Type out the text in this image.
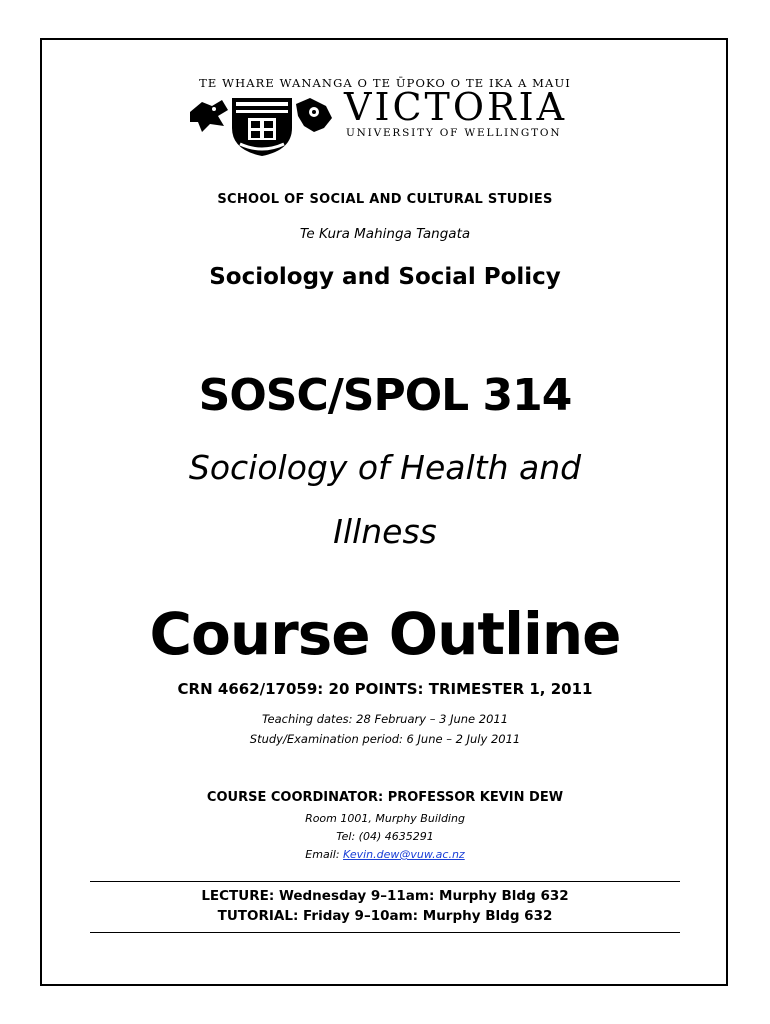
TE WHARE WANANGA O TE ŪPOKO O TE IKA A MAUI
VICTORIA
UNIVERSITY OF WELLINGTON
SCHOOL OF SOCIAL AND CULTURAL STUDIES
Te Kura Mahinga Tangata
Sociology and Social Policy
SOSC/SPOL 314
Sociology of Health and
Illness
Course Outline
CRN 4662/17059: 20 POINTS: TRIMESTER 1, 2011
Teaching dates: 28 February – 3 June 2011
Study/Examination period: 6 June – 2 July 2011
COURSE COORDINATOR: PROFESSOR KEVIN DEW
Room 1001, Murphy Building
Tel: (04) 4635291
Email: Kevin.dew@vuw.ac.nz
LECTURE: Wednesday 9–11am: Murphy Bldg 632
TUTORIAL: Friday 9–10am: Murphy Bldg 632
